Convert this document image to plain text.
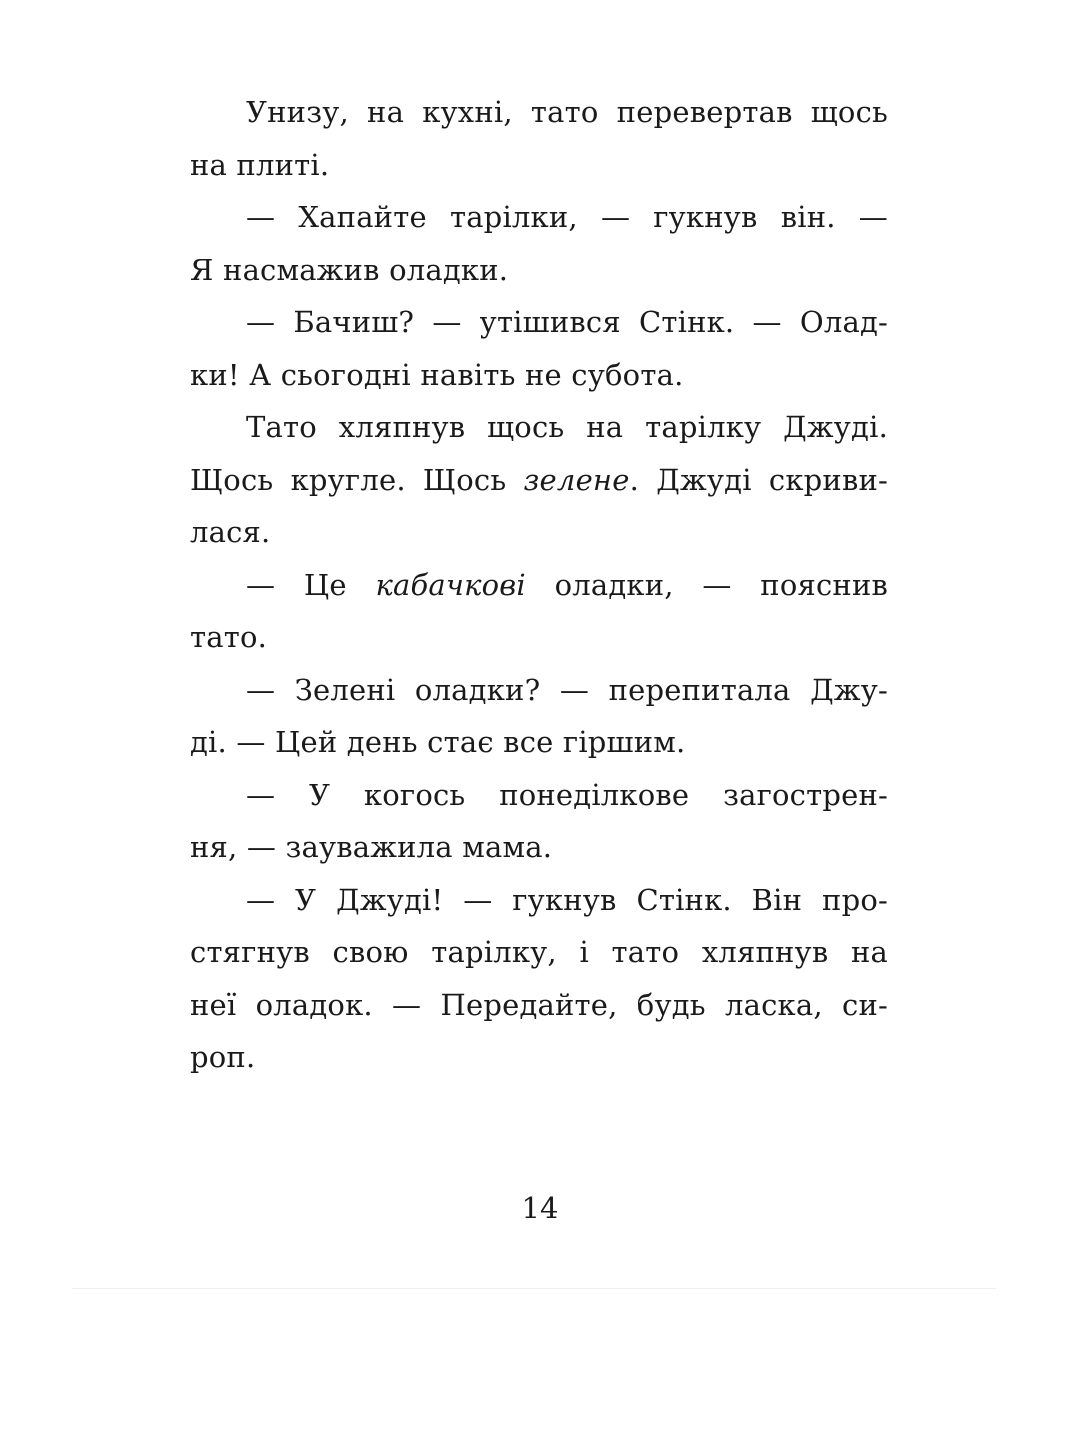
Унизу, на кухні, тато перевертав щось
на плиті.
— Хапайте тарілки, — гукнув він. —
Я насмажив оладки.
— Бачиш? — утішився Стінк. — Олад-
ки! А сьогодні навіть не субота.
Тато хляпнув щось на тарілку Джуді.
Щось кругле. Щось зелене. Джуді скриви-
лася.
— Це кабачкові оладки, — пояснив
тато.
— Зелені оладки? — перепитала Джу-
ді. — Цей день стає все гіршим.
— У когось понеділкове загострен-
ня, — зауважила мама.
— У Джуді! — гукнув Стінк. Він про-
стягнув свою тарілку, і тато хляпнув на
неї оладок. — Передайте, будь ласка, си-
роп.
14
